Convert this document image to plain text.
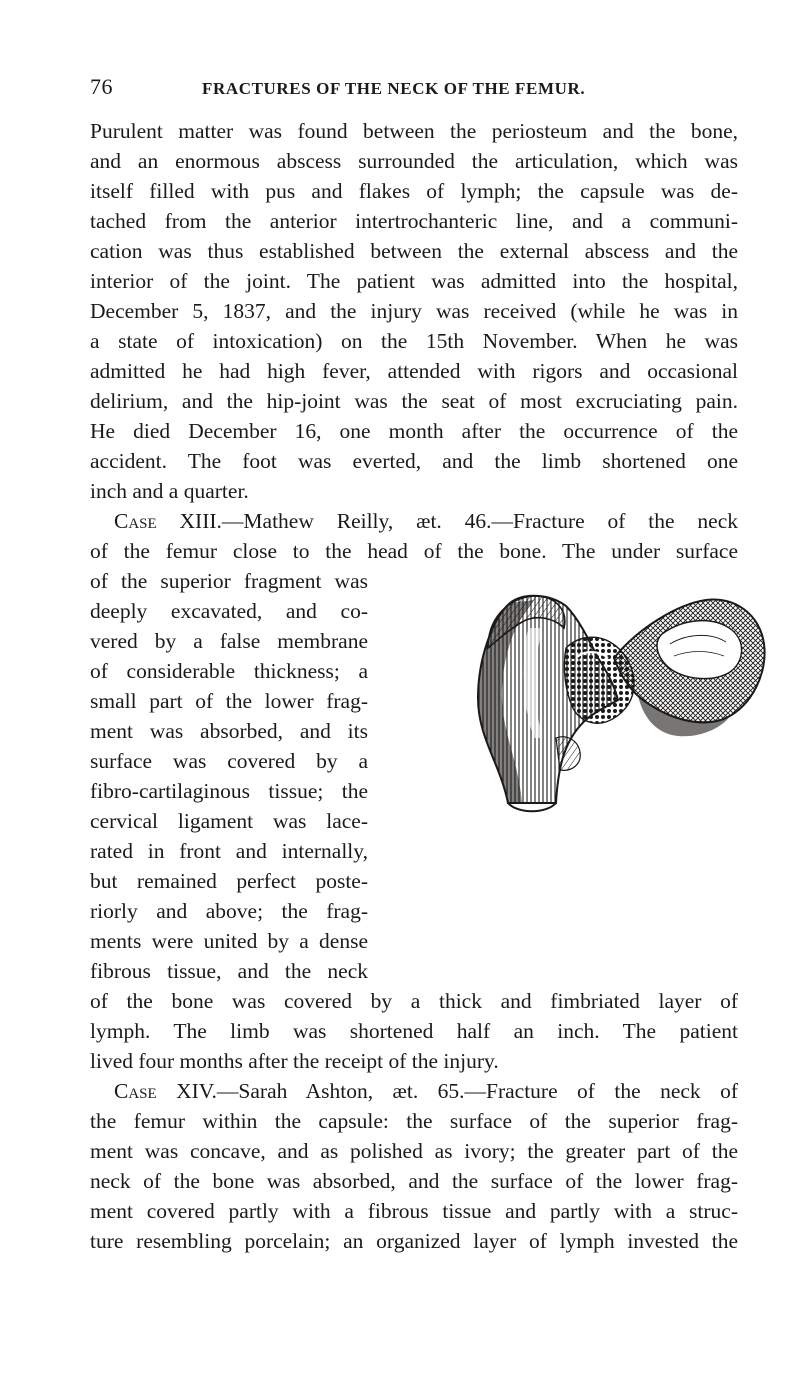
76	FRACTURES OF THE NECK OF THE FEMUR.
Purulent matter was found between the periosteum and the bone,
and an enormous abscess surrounded the articulation, which was
itself filled with pus and flakes of lymph; the capsule was de-
tached from the anterior intertrochanteric line, and a communi-
cation was thus established between the external abscess and the
interior of the joint. The patient was admitted into the hospital,
December 5, 1837, and the injury was received (while he was in
a state of intoxication) on the 15th November. When he was
admitted he had high fever, attended with rigors and occasional
delirium, and the hip-joint was the seat of most excruciating pain.
He died December 16, one month after the occurrence of the
accident. The foot was everted, and the limb shortened one
inch and a quarter.
Case XIII.—Mathew Reilly, æt. 46.—Fracture of the neck
of the femur close to the head of the bone. The under surface
of the superior fragment was
deeply excavated, and co-
vered by a false membrane
of considerable thickness; a
small part of the lower frag-
ment was absorbed, and its
surface was covered by a
fibro-cartilaginous tissue; the
cervical ligament was lace-
rated in front and internally,
but remained perfect poste-
riorly and above; the frag-
ments were united by a dense
fibrous tissue, and the neck
of the bone was covered by a thick and fimbriated layer of
lymph. The limb was shortened half an inch. The patient
lived four months after the receipt of the injury.
Case XIV.—Sarah Ashton, æt. 65.—Fracture of the neck of
the femur within the capsule: the surface of the superior frag-
ment was concave, and as polished as ivory; the greater part of the
neck of the bone was absorbed, and the surface of the lower frag-
ment covered partly with a fibrous tissue and partly with a struc-
ture resembling porcelain; an organized layer of lymph invested the
